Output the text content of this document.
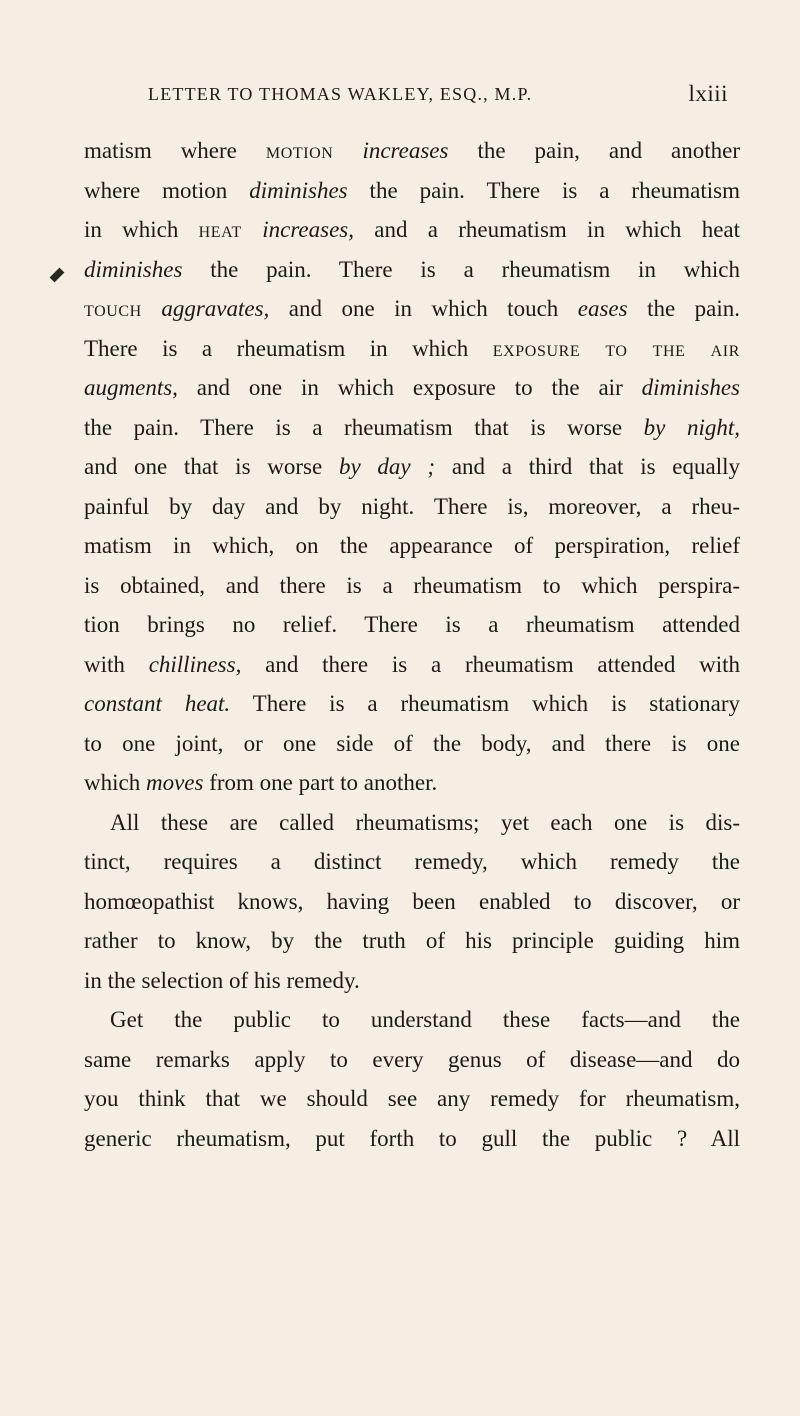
LETTER TO THOMAS WAKLEY, ESQ., M.P.	lxiii
matism where motion increases the pain, and another
where motion diminishes the pain. There is a rheumatism
in which heat increases, and a rheumatism in which heat
diminishes the pain. There is a rheumatism in which
touch aggravates, and one in which touch eases the pain.
There is a rheumatism in which exposure to the air
augments, and one in which exposure to the air diminishes
the pain. There is a rheumatism that is worse by night,
and one that is worse by day ; and a third that is equally
painful by day and by night. There is, moreover, a rheu-
matism in which, on the appearance of perspiration, relief
is obtained, and there is a rheumatism to which perspira-
tion brings no relief. There is a rheumatism attended
with chilliness, and there is a rheumatism attended with
constant heat. There is a rheumatism which is stationary
to one joint, or one side of the body, and there is one
which moves from one part to another.
All these are called rheumatisms; yet each one is dis-
tinct, requires a distinct remedy, which remedy the
homœopathist knows, having been enabled to discover, or
rather to know, by the truth of his principle guiding him
in the selection of his remedy.
Get the public to understand these facts—and the
same remarks apply to every genus of disease—and do
you think that we should see any remedy for rheumatism,
generic rheumatism, put forth to gull the public ? All
